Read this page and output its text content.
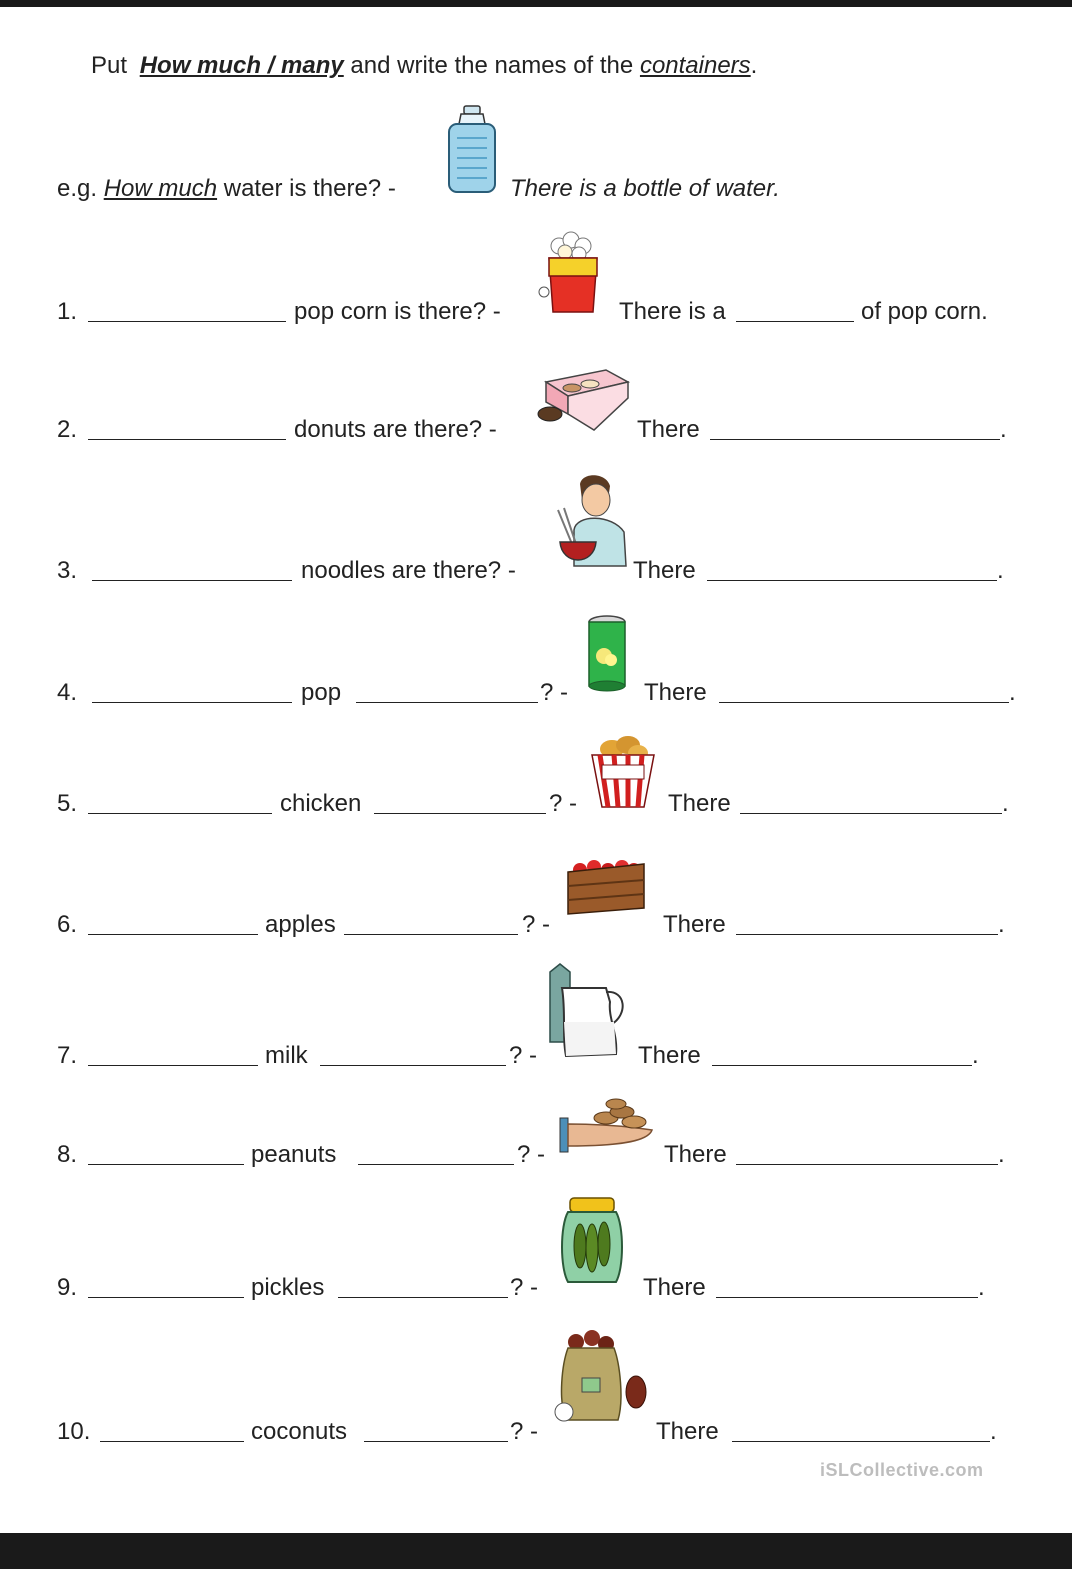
Put How much / many and write the names of the containers.
e.g. How much water is there? -	There is a bottle of water.
1.	pop corn is there? -	There is a	of pop corn.
2.	donuts are there? -	There	.
3.	noodles are there? -	There	.
4.	pop	? -	There	.
5.	chicken	? -	There	.
6.	apples	? -	There	.
7.	milk	? -	There	.
8.	peanuts	? -	There	.
9.	pickles	? -	There	.
10.	coconuts	? -	There	.
iSLCollective.com
